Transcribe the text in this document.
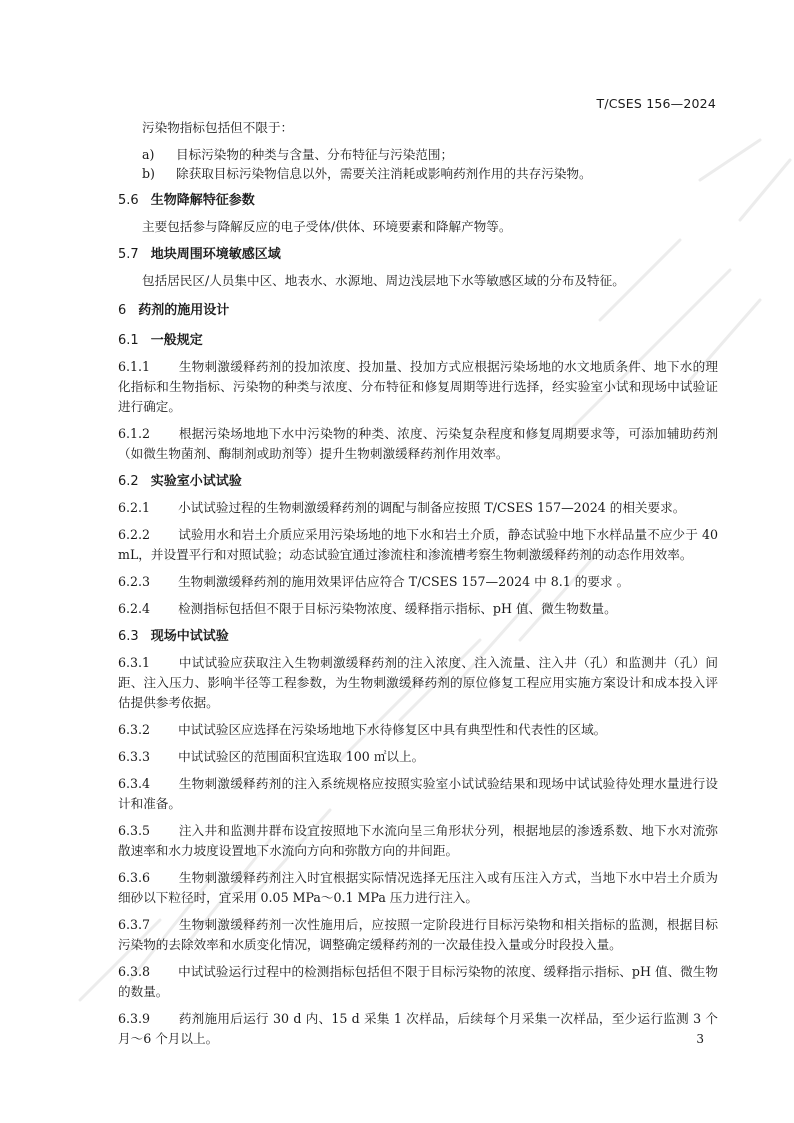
T/CSES 156—2024

污染物指标包括但不限于：

a)	目标污染物的种类与含量、分布特征与污染范围；
b)	除获取目标污染物信息以外，需要关注消耗或影响药剂作用的共存污染物。
5.6 生物降解特征参数

主要包括参与降解反应的电子受体/供体、环境要素和降解产物等。

5.7 地块周围环境敏感区域

包括居民区/人员集中区、地表水、水源地、周边浅层地下水等敏感区域的分布及特征。

6 药剂的施用设计
6.1 一般规定

6.1.1 生物刺激缓释药剂的投加浓度、投加量、投加方式应根据污染场地的水文地质条件、地下水的理化指标和生物指标、污染物的种类与浓度、分布特征和修复周期等进行选择，经实验室小试和现场中试验证进行确定。

6.1.2 根据污染场地地下水中污染物的种类、浓度、污染复杂程度和修复周期要求等，可添加辅助药剂（如微生物菌剂、酶制剂或助剂等）提升生物刺激缓释药剂作用效率。

6.2 实验室小试试验

6.2.1 小试试验过程的生物刺激缓释药剂的调配与制备应按照 T/CSES 157—2024 的相关要求。

6.2.2 试验用水和岩土介质应采用污染场地的地下水和岩土介质，静态试验中地下水样品量不应少于 40 mL，并设置平行和对照试验；动态试验宜通过渗流柱和渗流槽考察生物刺激缓释药剂的动态作用效率。

6.2.3 生物刺激缓释药剂的施用效果评估应符合 T/CSES 157—2024 中 8.1 的要求 。

6.2.4 检测指标包括但不限于目标污染物浓度、缓释指示指标、pH 值、微生物数量。

6.3 现场中试试验

6.3.1 中试试验应获取注入生物刺激缓释药剂的注入浓度、注入流量、注入井（孔）和监测井（孔）间距、注入压力、影响半径等工程参数，为生物刺激缓释药剂的原位修复工程应用实施方案设计和成本投入评估提供参考依据。

6.3.2 中试试验区应选择在污染场地地下水待修复区中具有典型性和代表性的区域。

6.3.3 中试试验区的范围面积宜选取 100 ㎡以上。

6.3.4 生物刺激缓释药剂的注入系统规格应按照实验室小试试验结果和现场中试试验待处理水量进行设计和准备。

6.3.5 注入井和监测井群布设宜按照地下水流向呈三角形状分列，根据地层的渗透系数、地下水对流弥散速率和水力坡度设置地下水流向方向和弥散方向的井间距。

6.3.6 生物刺激缓释药剂注入时宜根据实际情况选择无压注入或有压注入方式，当地下水中岩土介质为细砂以下粒径时，宜采用 0.05 MPa～0.1 MPa 压力进行注入。

6.3.7 生物刺激缓释药剂一次性施用后，应按照一定阶段进行目标污染物和相关指标的监测，根据目标污染物的去除效率和水质变化情况，调整确定缓释药剂的一次最佳投入量或分时段投入量。

6.3.8 中试试验运行过程中的检测指标包括但不限于目标污染物的浓度、缓释指示指标、pH 值、微生物的数量。

6.3.9 药剂施用后运行 30 d 内、15 d 采集 1 次样品，后续每个月采集一次样品，至少运行监测 3 个月～6 个月以上。	3
